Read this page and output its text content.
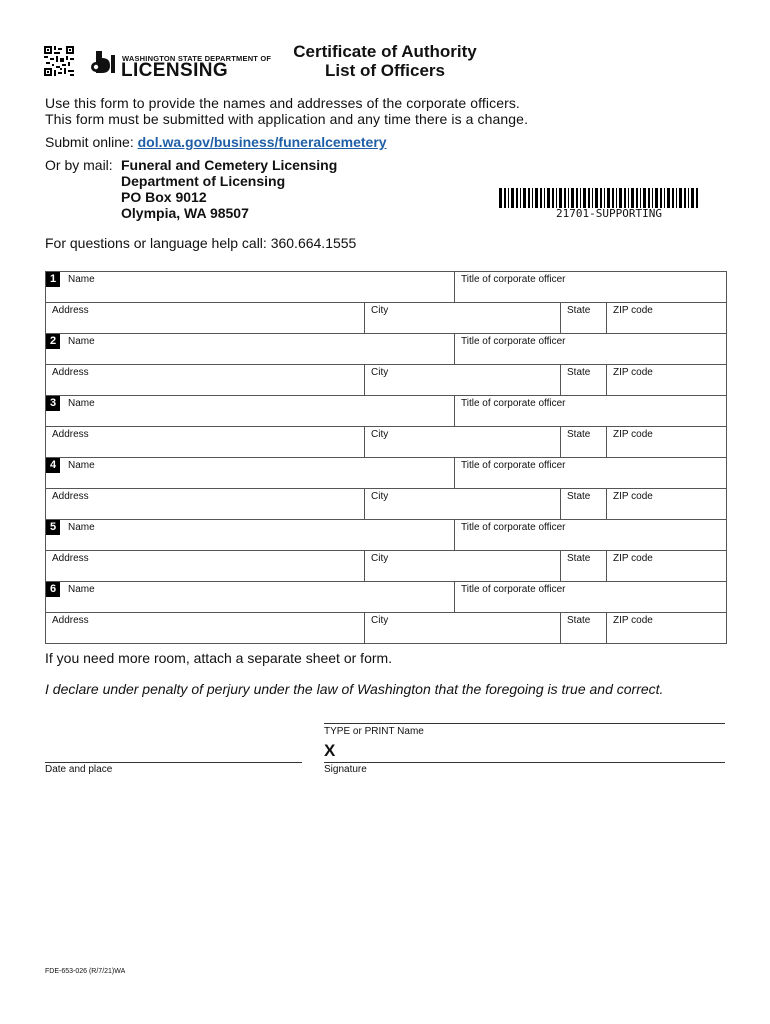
WASHINGTON STATE DEPARTMENT OF
LICENSING
Certificate of Authority
List of Officers
Use this form to provide the names and addresses of the corporate officers.
This form must be submitted with application and any time there is a change.
Submit online: dol.wa.gov/business/funeralcemetery
Or by mail: Funeral and Cemetery Licensing
Department of Licensing
PO Box 9012
Olympia, WA 98507	21701-SUPPORTING
For questions or language help call: 360.664.1555
1	Name	Title of corporate officer
Address	City	State	ZIP code
2	Name	Title of corporate officer
Address	City	State	ZIP code
3	Name	Title of corporate officer
Address	City	State	ZIP code
4	Name	Title of corporate officer
Address	City	State	ZIP code
5	Name	Title of corporate officer
Address	City	State	ZIP code
6	Name	Title of corporate officer
Address	City	State	ZIP code
If you need more room, attach a separate sheet or form.
I declare under penalty of perjury under the law of Washington that the foregoing is true and correct.
TYPE or PRINT Name
X
Date and place	Signature
FDE-653-026 (R/7/21)WA
